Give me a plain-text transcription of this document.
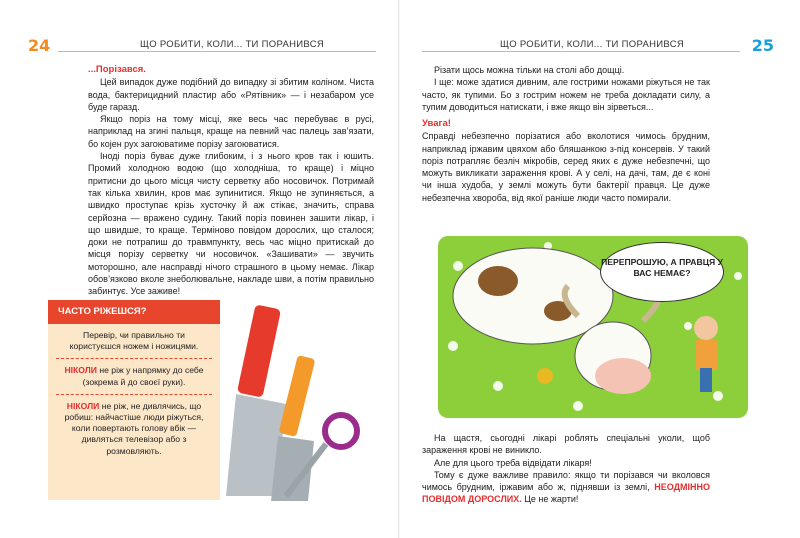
24	ЩО РОБИТИ, КОЛИ... ТИ ПОРАНИВСЯ

...Порізався.

Цей випадок дуже подібний до випадку зі збитим коліном. Чиста вода, бактерицидний пластир або «Рятівник» — і незабаром усе буде гаразд.

Якщо поріз на тому місці, яке весь час перебуває в русі, наприклад на згині пальця, краще на певний час палець зав’язати, бо коjен рух загоюватиме порізу загоюватися.

Іноді поріз буває дуже глибоким, і з нього кров так і юшить. Промий холодною водою (що холодніша, то краще) і міцно притисни до цього місця чисту серветку або носовичок. Потримай так кілька хвилин, кров має зупинитися. Якщо не зупиняється, а швидко проступає крізь хусточку й аж стікає, значить, справа серйозна — вражено судину. Такий поріз повинен зашити лікар, і що швидше, то краще. Терміново повідом дорослих, що сталося; доки не потрапиш до травмпункту, весь час міцно притискай до місця порізу серветку чи носовичок. «Зашивати» — звучить моторошно, але насправді нічого страшного в цьому немає. Лікар обов’язково вколе знеболювальне, накладе шви, а потім правильно забинтує. Усе заживе!

ЧАСТО РІЖЕШСЯ?
Перевір, чи правильно ти користуєшся ножем і ножицями.
НІКОЛИ не ріж у напрямку до себе (зокрема й до своєї руки).
НІКОЛИ не ріж, не дивлячись, що робиш: найчастіше люди ріжуться, коли повертають голову вбік — дивляться телевізор або з розмовляють.
25
ЩО РОБИТИ, КОЛИ... ТИ ПОРАНИВСЯ

Різати щось можна тільки на столі або дощці.

І ще: може здатися дивним, але гострими ножами ріжуться не так часто, як тупими. Бо з гострим ножем не треба докладати силу, а тупим доводиться натискати, і вже якщо він зірветься...

Увага!

Справді небезпечно порізатися або вколотися чимось брудним, наприклад іржавим цвяхом або бляшанкою з-під консервів. У такий поріз потрапляє безліч мікробів, серед яких є дуже небезпечні, що можуть викликати зараження крові. А у селі, на дачі, там, де є коні чи інша худоба, у землі можуть бути бактерії правця. Це дуже небезпечна хвороба, від якої раніше люди часто помирали.

На щастя, сьогодні лікарі роблять спеціальні уколи, щоб зараження крові не виникло.

Але для цього треба відвідати лікаря!

Тому є дуже важливе правило: якщо ти порізався чи вколовся чимось брудним, іржавим або ж, піднявши із землі, НЕОДМІННО ПОВІДОМ ДОРОСЛИХ. Це не жарти!

ПЕРЕПРОШУЮ, А ПРАВЦЯ У ВАС НЕМАЄ?
